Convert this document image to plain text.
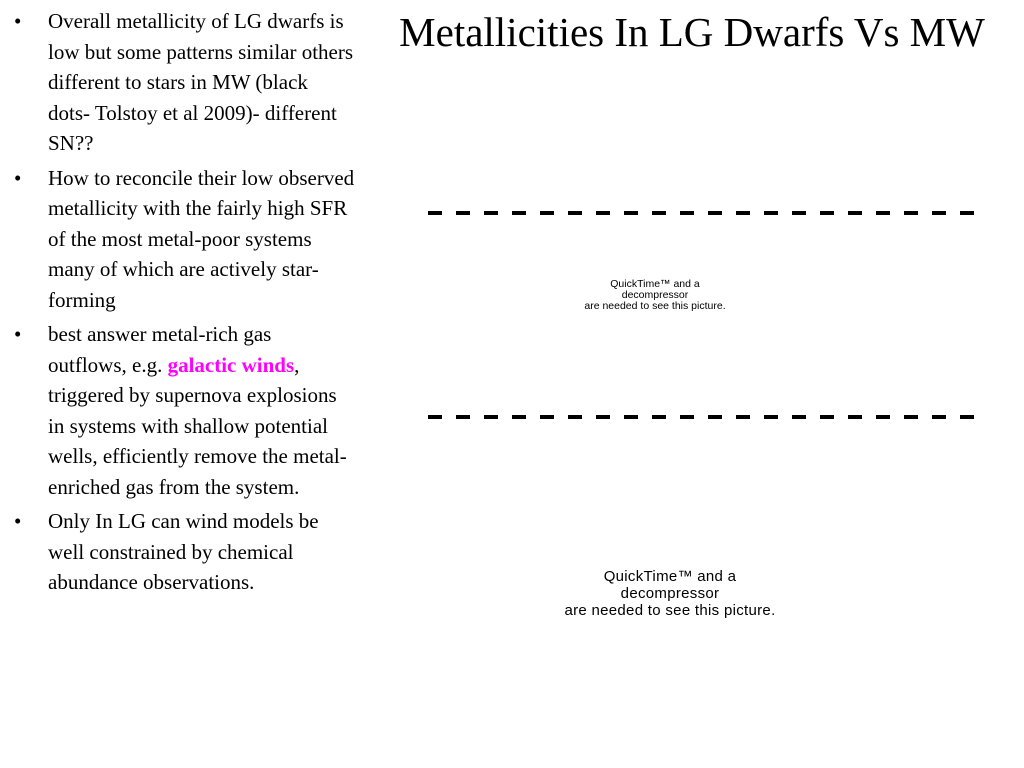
• Overall metallicity of LG dwarfs is low but some patterns similar others different to stars in MW (black dots- Tolstoy et al 2009)- different SN??
• How to reconcile their low observed metallicity with the fairly high SFR of the most metal-poor systems many of which are actively star-forming
• best answer metal-rich gas outflows, e.g. galactic winds, triggered by supernova explosions in systems with shallow potential wells, efficiently remove the metal-enriched gas from the system.
• Only In LG can wind models be well constrained by chemical abundance observations.
Metallicities In LG Dwarfs Vs MW
QuickTime™ and a
decompressor
are needed to see this picture.
QuickTime™ and a
decompressor
are needed to see this picture.
